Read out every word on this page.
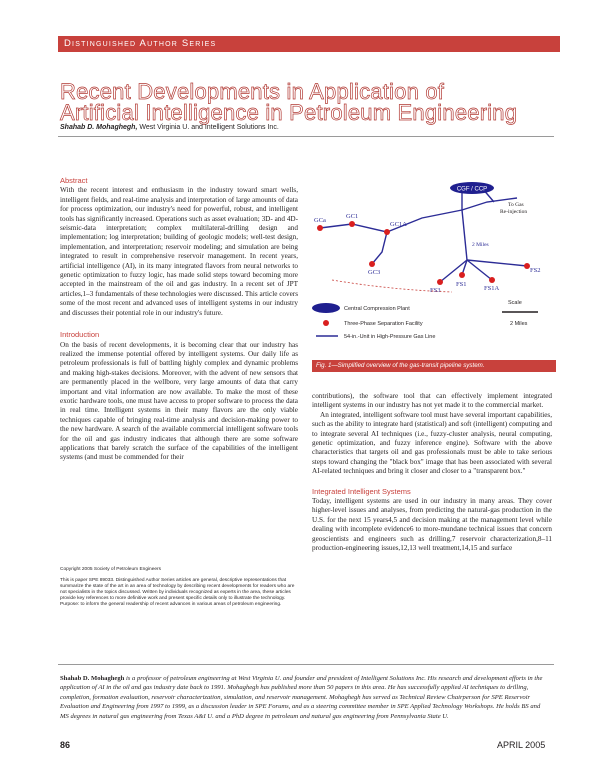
Distinguished Author Series
Recent Developments in Application of
Artificial Intelligence in Petroleum Engineering
Shahab D. Mohaghegh, West Virginia U. and Intelligent Solutions Inc.
Abstract

With the recent interest and enthusiasm in the industry toward smart wells, intelligent fields, and real-time analysis and interpretation of large amounts of data for process optimization, our industry's need for powerful, robust, and intelligent tools has significantly increased. Operations such as asset evaluation; 3D- and 4D-seismic-data interpretation; complex multilateral-drilling design and implementation; log interpretation; building of geologic models; well-test design, implementation, and interpretation; reservoir modeling; and simulation are being integrated to result in comprehensive reservoir management. In recent years, artificial intelligence (AI), in its many integrated flavors from neural networks to genetic optimization to fuzzy logic, has made solid steps toward becoming more accepted in the mainstream of the oil and gas industry. In a recent set of JPT articles,1–3 fundamentals of these technologies were discussed. This article covers some of the most recent and advanced uses of intelligent systems in our industry and discusses their potential role in our industry's future.

Introduction

On the basis of recent developments, it is becoming clear that our industry has realized the immense potential offered by intelligent systems. Our daily life as petroleum professionals is full of battling highly complex and dynamic problems and making high-stakes decisions. Moreover, with the advent of new sensors that are permanently placed in the wellbore, very large amounts of data that carry important and vital information are now available. To make the most of these exotic hardware tools, one must have access to proper software to process the data in real time. Intelligent systems in their many flavors are the only viable techniques capable of bringing real-time analysis and decision-making power to the new hardware. A search of the available commercial intelligent software tools for the oil and gas industry indicates that although there are some software applications that barely scratch the surface of the capabilities of the intelligent systems (and must be commended for their

Copyright 2005 Society of Petroleum Engineers
This is paper SPE 89033. Distinguished Author Series articles are general, descriptive representations that summarize the state of the art in an area of technology by describing recent developments for readers who are not specialists in the topics discussed. Written by individuals recognized as experts in the area, these articles provide key references to more definitive work and present specific details only to illustrate the technology. Purpose: to inform the general readership of recent advances in various areas of petroleum engineering.
CGF / CCP
GCa
GC1
GC1A
GC3
FS3
FS1
FS1A
FS2
To Gas
Re-injection
2 Miles
Central Compression Plant
Three-Phase Separation Facility
54-in.-Unit in High-Pressure Gas Line
Scale
2 Miles
Fig. 1—Simplified overview of the gas-transit pipeline system.

contributions), the software tool that can effectively implement integrated intelligent systems in our industry has not yet made it to the commercial market.

An integrated, intelligent software tool must have several important capabilities, such as the ability to integrate hard (statistical) and soft (intelligent) computing and to integrate several AI techniques (i.e., fuzzy-cluster analysis, neural computing, genetic optimization, and fuzzy inference engine). Software with the above characteristics that targets oil and gas professionals must be able to take serious steps toward changing the "black box" image that has been associated with several AI-related techniques and bring it closer and closer to a "transparent box."

Integrated Intelligent Systems

Today, intelligent systems are used in our industry in many areas. They cover higher-level issues and analyses, from predicting the natural-gas production in the U.S. for the next 15 years4,5 and decision making at the management level while dealing with incomplete evidence6 to more-mundane technical issues that concern geoscientists and engineers such as drilling,7 reservoir characterization,8–11 production-engineering issues,12,13 well treatment,14,15 and surface

Shahab D. Mohaghegh is a professor of petroleum engineering at West Virginia U. and founder and president of Intelligent Solutions Inc. His research and development efforts in the application of AI in the oil and gas industry date back to 1991. Mohaghegh has published more than 50 papers in this area. He has successfully applied AI techniques to drilling, completion, formation evaluation, reservoir characterization, simulation, and reservoir management. Mohaghegh has served as Technical Review Chairperson for SPE Reservoir Evaluation and Engineering from 1997 to 1999, as a discussion leader in SPE Forums, and as a steering committee member in SPE Applied Technology Workshops. He holds BS and MS degrees in natural gas engineering from Texas A&I U. and a PhD degree in petroleum and natural gas engineering from Pennsylvania State U.
86	APRIL 2005
